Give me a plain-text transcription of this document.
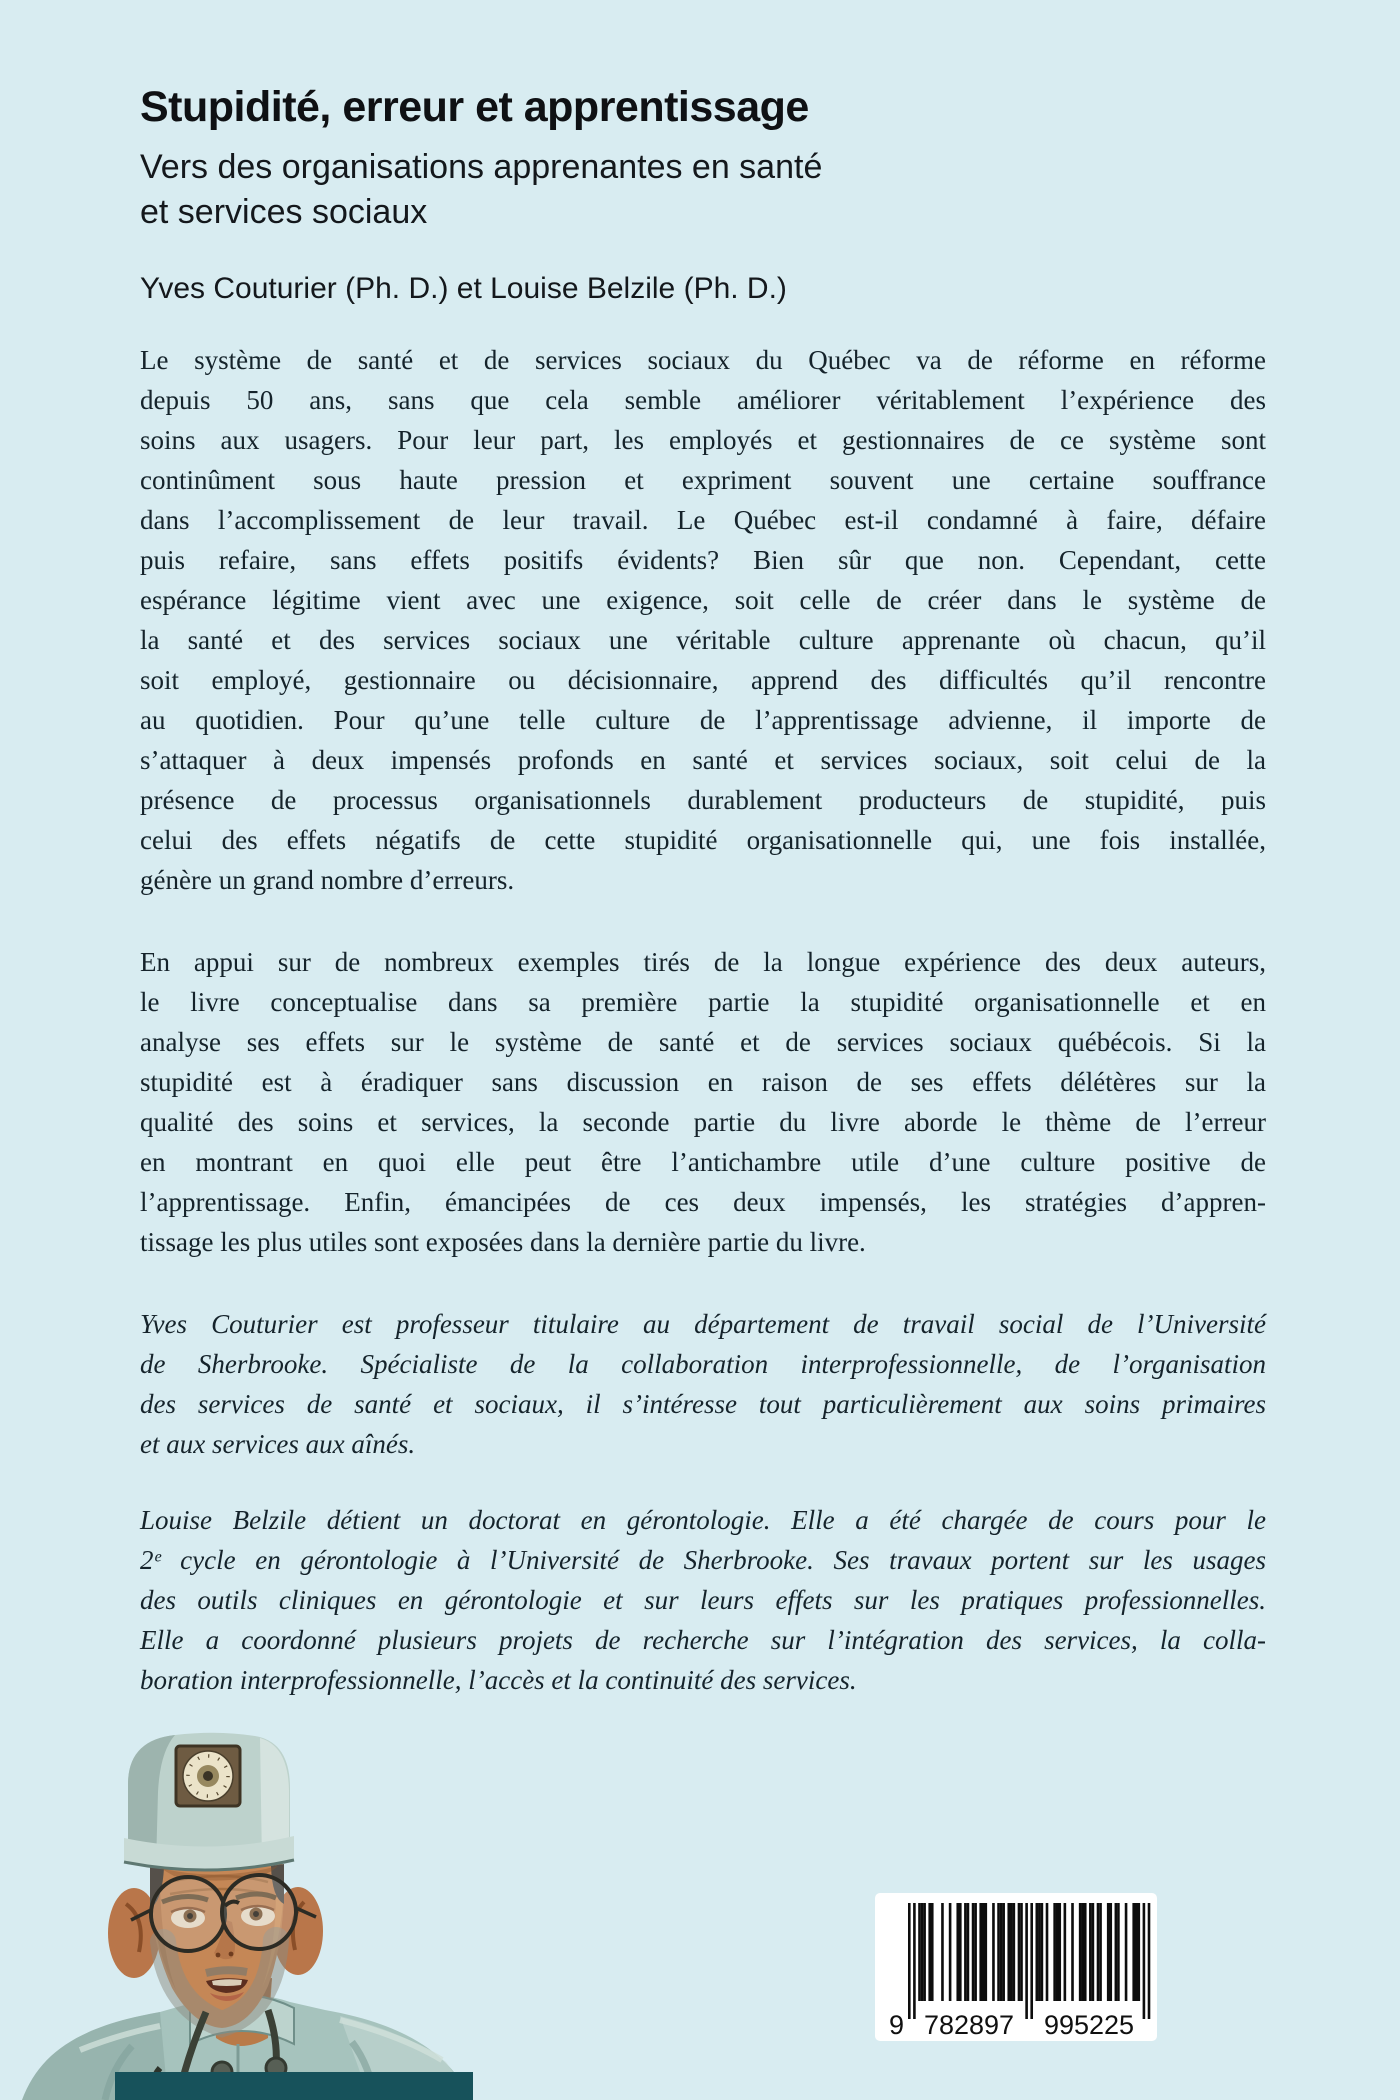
Stupidité, erreur et apprentissage
Vers des organisations apprenantes en santé
et services sociaux
Yves Couturier (Ph. D.) et Louise Belzile (Ph. D.)

Le système de santé et de services sociaux du Québec va de réforme en réforme
depuis 50 ans, sans que cela semble améliorer véritablement l’expérience des
soins aux usagers. Pour leur part, les employés et gestionnaires de ce système sont
continûment sous haute pression et expriment souvent une certaine souffrance
dans l’accomplissement de leur travail. Le Québec est-il condamné à faire, défaire
puis refaire, sans effets positifs évidents? Bien sûr que non. Cependant, cette
espérance légitime vient avec une exigence, soit celle de créer dans le système de
la santé et des services sociaux une véritable culture apprenante où chacun, qu’il
soit employé, gestionnaire ou décisionnaire, apprend des difficultés qu’il rencontre
au quotidien. Pour qu’une telle culture de l’apprentissage advienne, il importe de
s’attaquer à deux impensés profonds en santé et services sociaux, soit celui de la
présence de processus organisationnels durablement producteurs de stupidité, puis
celui des effets négatifs de cette stupidité organisationnelle qui, une fois installée,
génère un grand nombre d’erreurs.

En appui sur de nombreux exemples tirés de la longue expérience des deux auteurs,
le livre conceptualise dans sa première partie la stupidité organisationnelle et en
analyse ses effets sur le système de santé et de services sociaux québécois. Si la
stupidité est à éradiquer sans discussion en raison de ses effets délétères sur la
qualité des soins et services, la seconde partie du livre aborde le thème de l’erreur
en montrant en quoi elle peut être l’antichambre utile d’une culture positive de
l’apprentissage. Enfin, émancipées de ces deux impensés, les stratégies d’appren-
tissage les plus utiles sont exposées dans la dernière partie du livre.

Yves Couturier est professeur titulaire au département de travail social de l’Université
de Sherbrooke. Spécialiste de la collaboration interprofessionnelle, de l’organisation
des services de santé et sociaux, il s’intéresse tout particulièrement aux soins primaires
et aux services aux aînés.

Louise Belzile détient un doctorat en gérontologie. Elle a été chargée de cours pour le
2ᵉ cycle en gérontologie à l’Université de Sherbrooke. Ses travaux portent sur les usages
des outils cliniques en gérontologie et sur leurs effets sur les pratiques professionnelles.
Elle a coordonné plusieurs projets de recherche sur l’intégration des services, la colla-
boration interprofessionnelle, l’accès et la continuité des services.

9 782897 995225
